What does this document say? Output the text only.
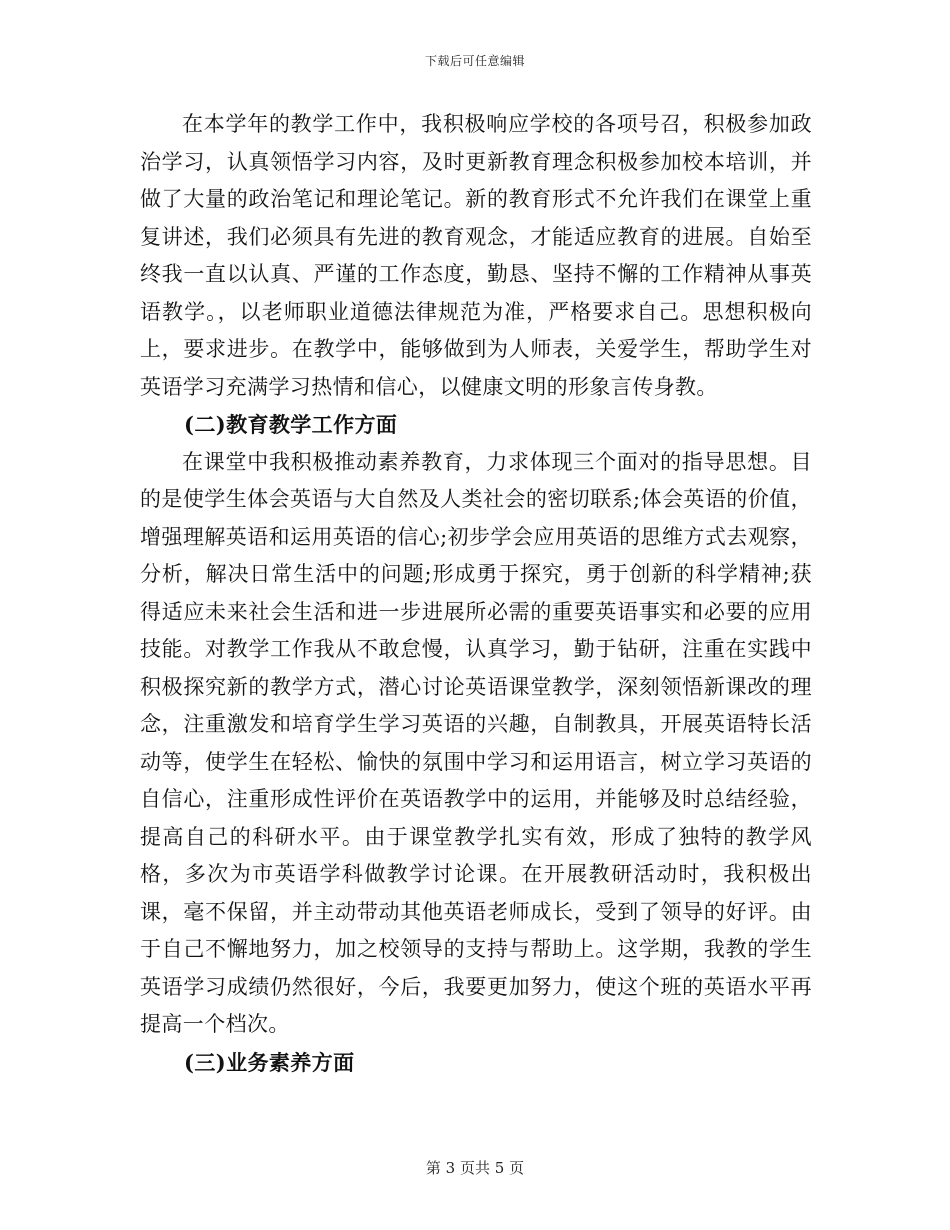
下载后可任意编辑

在本学年的教学工作中，我积极响应学校的各项号召，积极参加政治学习，认真领悟学习内容，及时更新教育理念积极参加校本培训，并做了大量的政治笔记和理论笔记。新的教育形式不允许我们在课堂上重复讲述，我们必须具有先进的教育观念，才能适应教育的进展。自始至终我一直以认真、严谨的工作态度，勤恳、坚持不懈的工作精神从事英语教学。，以老师职业道德法律规范为准，严格要求自己。思想积极向上，要求进步。在教学中，能够做到为人师表，关爱学生，帮助学生对英语学习充满学习热情和信心，以健康文明的形象言传身教。

(二)教育教学工作方面

在课堂中我积极推动素养教育，力求体现三个面对的指导思想。目的是使学生体会英语与大自然及人类社会的密切联系;体会英语的价值，增强理解英语和运用英语的信心;初步学会应用英语的思维方式去观察，分析，解决日常生活中的问题;形成勇于探究，勇于创新的科学精神;获得适应未来社会生活和进一步进展所必需的重要英语事实和必要的应用技能。对教学工作我从不敢怠慢，认真学习，勤于钻研，注重在实践中积极探究新的教学方式，潜心讨论英语课堂教学，深刻领悟新课改的理念，注重激发和培育学生学习英语的兴趣，自制教具，开展英语特长活动等，使学生在轻松、愉快的氛围中学习和运用语言，树立学习英语的自信心，注重形成性评价在英语教学中的运用，并能够及时总结经验，提高自己的科研水平。由于课堂教学扎实有效，形成了独特的教学风格，多次为市英语学科做教学讨论课。在开展教研活动时，我积极出课，毫不保留，并主动带动其他英语老师成长，受到了领导的好评。由于自己不懈地努力，加之校领导的支持与帮助上。这学期，我教的学生英语学习成绩仍然很好，今后，我要更加努力，使这个班的英语水平再提高一个档次。

(三)业务素养方面

第 3 页共 5 页
